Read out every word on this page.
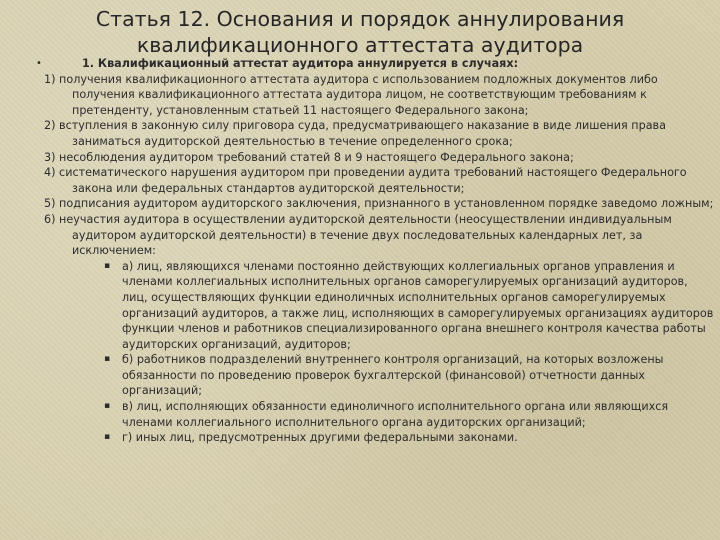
Статья 12. Основания и порядок аннулирования
квалификационного аттестата аудитора
•	1. Квалификационный аттестат аудитора аннулируется в случаях:
1) получения квалификационного аттестата аудитора с использованием подложных документов либо получения квалификационного аттестата аудитора лицом, не соответствующим требованиям к претенденту, установленным статьей 11 настоящего Федерального закона;
2) вступления в законную силу приговора суда, предусматривающего наказание в виде лишения права заниматься аудиторской деятельностью в течение определенного срока;
3) несоблюдения аудитором требований статей 8 и 9 настоящего Федерального закона;
4) систематического нарушения аудитором при проведении аудита требований настоящего Федерального закона или федеральных стандартов аудиторской деятельности;
5) подписания аудитором аудиторского заключения, признанного в установленном порядке заведомо ложным;
6) неучастия аудитора в осуществлении аудиторской деятельности (неосуществлении индивидуальным аудитором аудиторской деятельности) в течение двух последовательных календарных лет, за исключением:
▪ а) лиц, являющихся членами постоянно действующих коллегиальных органов управления и членами коллегиальных исполнительных органов саморегулируемых организаций аудиторов, лиц, осуществляющих функции единоличных исполнительных органов саморегулируемых организаций аудиторов, а также лиц, исполняющих в саморегулируемых организациях аудиторов функции членов и работников специализированного органа внешнего контроля качества работы аудиторских организаций, аудиторов;
▪ б) работников подразделений внутреннего контроля организаций, на которых возложены обязанности по проведению проверок бухгалтерской (финансовой) отчетности данных организаций;
▪ в) лиц, исполняющих обязанности единоличного исполнительного органа или являющихся членами коллегиального исполнительного органа аудиторских организаций;
▪ г) иных лиц, предусмотренных другими федеральными законами.
